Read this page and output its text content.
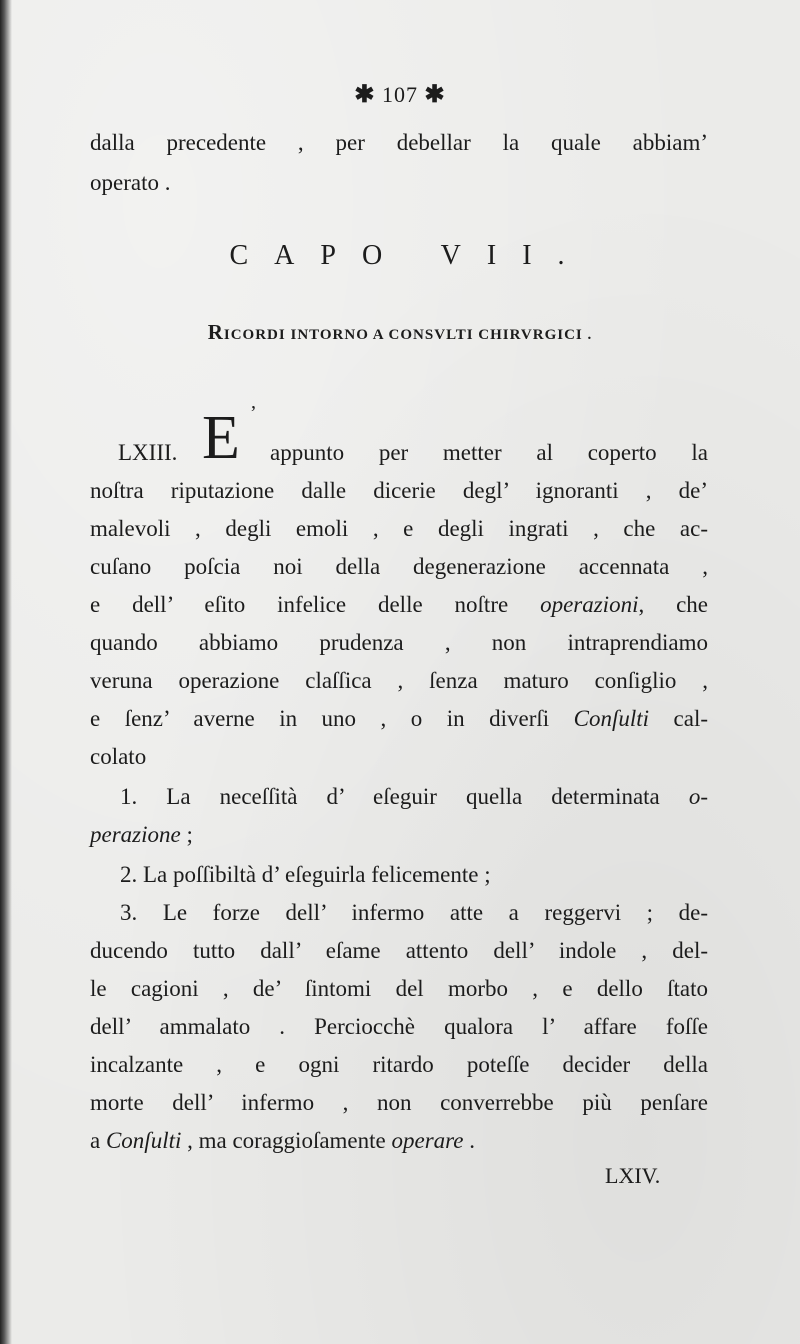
✱ 107 ✱
dalla precedente , per debellar la quale abbiam’
operato .
CAPO VII.
RICORDI INTORNO A CONSVLTI CHIRVRGICI .
LXIII. E ’
appunto per metter al coperto la
noſtra riputazione dalle dicerie degl’ ignoranti , de’
malevoli , degli emoli , e degli ingrati , che ac-
cuſano poſcia noi della degenerazione accennata ,
e dell’ eſito infelice delle noſtre operazioni, che
quando abbiamo prudenza , non intraprendiamo
veruna operazione claſſica , ſenza maturo conſiglio ,
e ſenz’ averne in uno , o in diverſi Conſulti cal-
colato
1. La neceſſità d’ eſeguir quella determinata o-
perazione ;
2. La poſſibiltà d’ eſeguirla felicemente ;
3. Le forze dell’ infermo atte a reggervi ; de-
ducendo tutto dall’ eſame attento dell’ indole , del-
le cagioni , de’ ſintomi del morbo , e dello ſtato
dell’ ammalato . Perciocchè qualora l’ affare foſſe
incalzante , e ogni ritardo poteſſe decider della
morte dell’ infermo , non converrebbe più penſare
a Conſulti , ma coraggioſamente operare .
LXIV.
